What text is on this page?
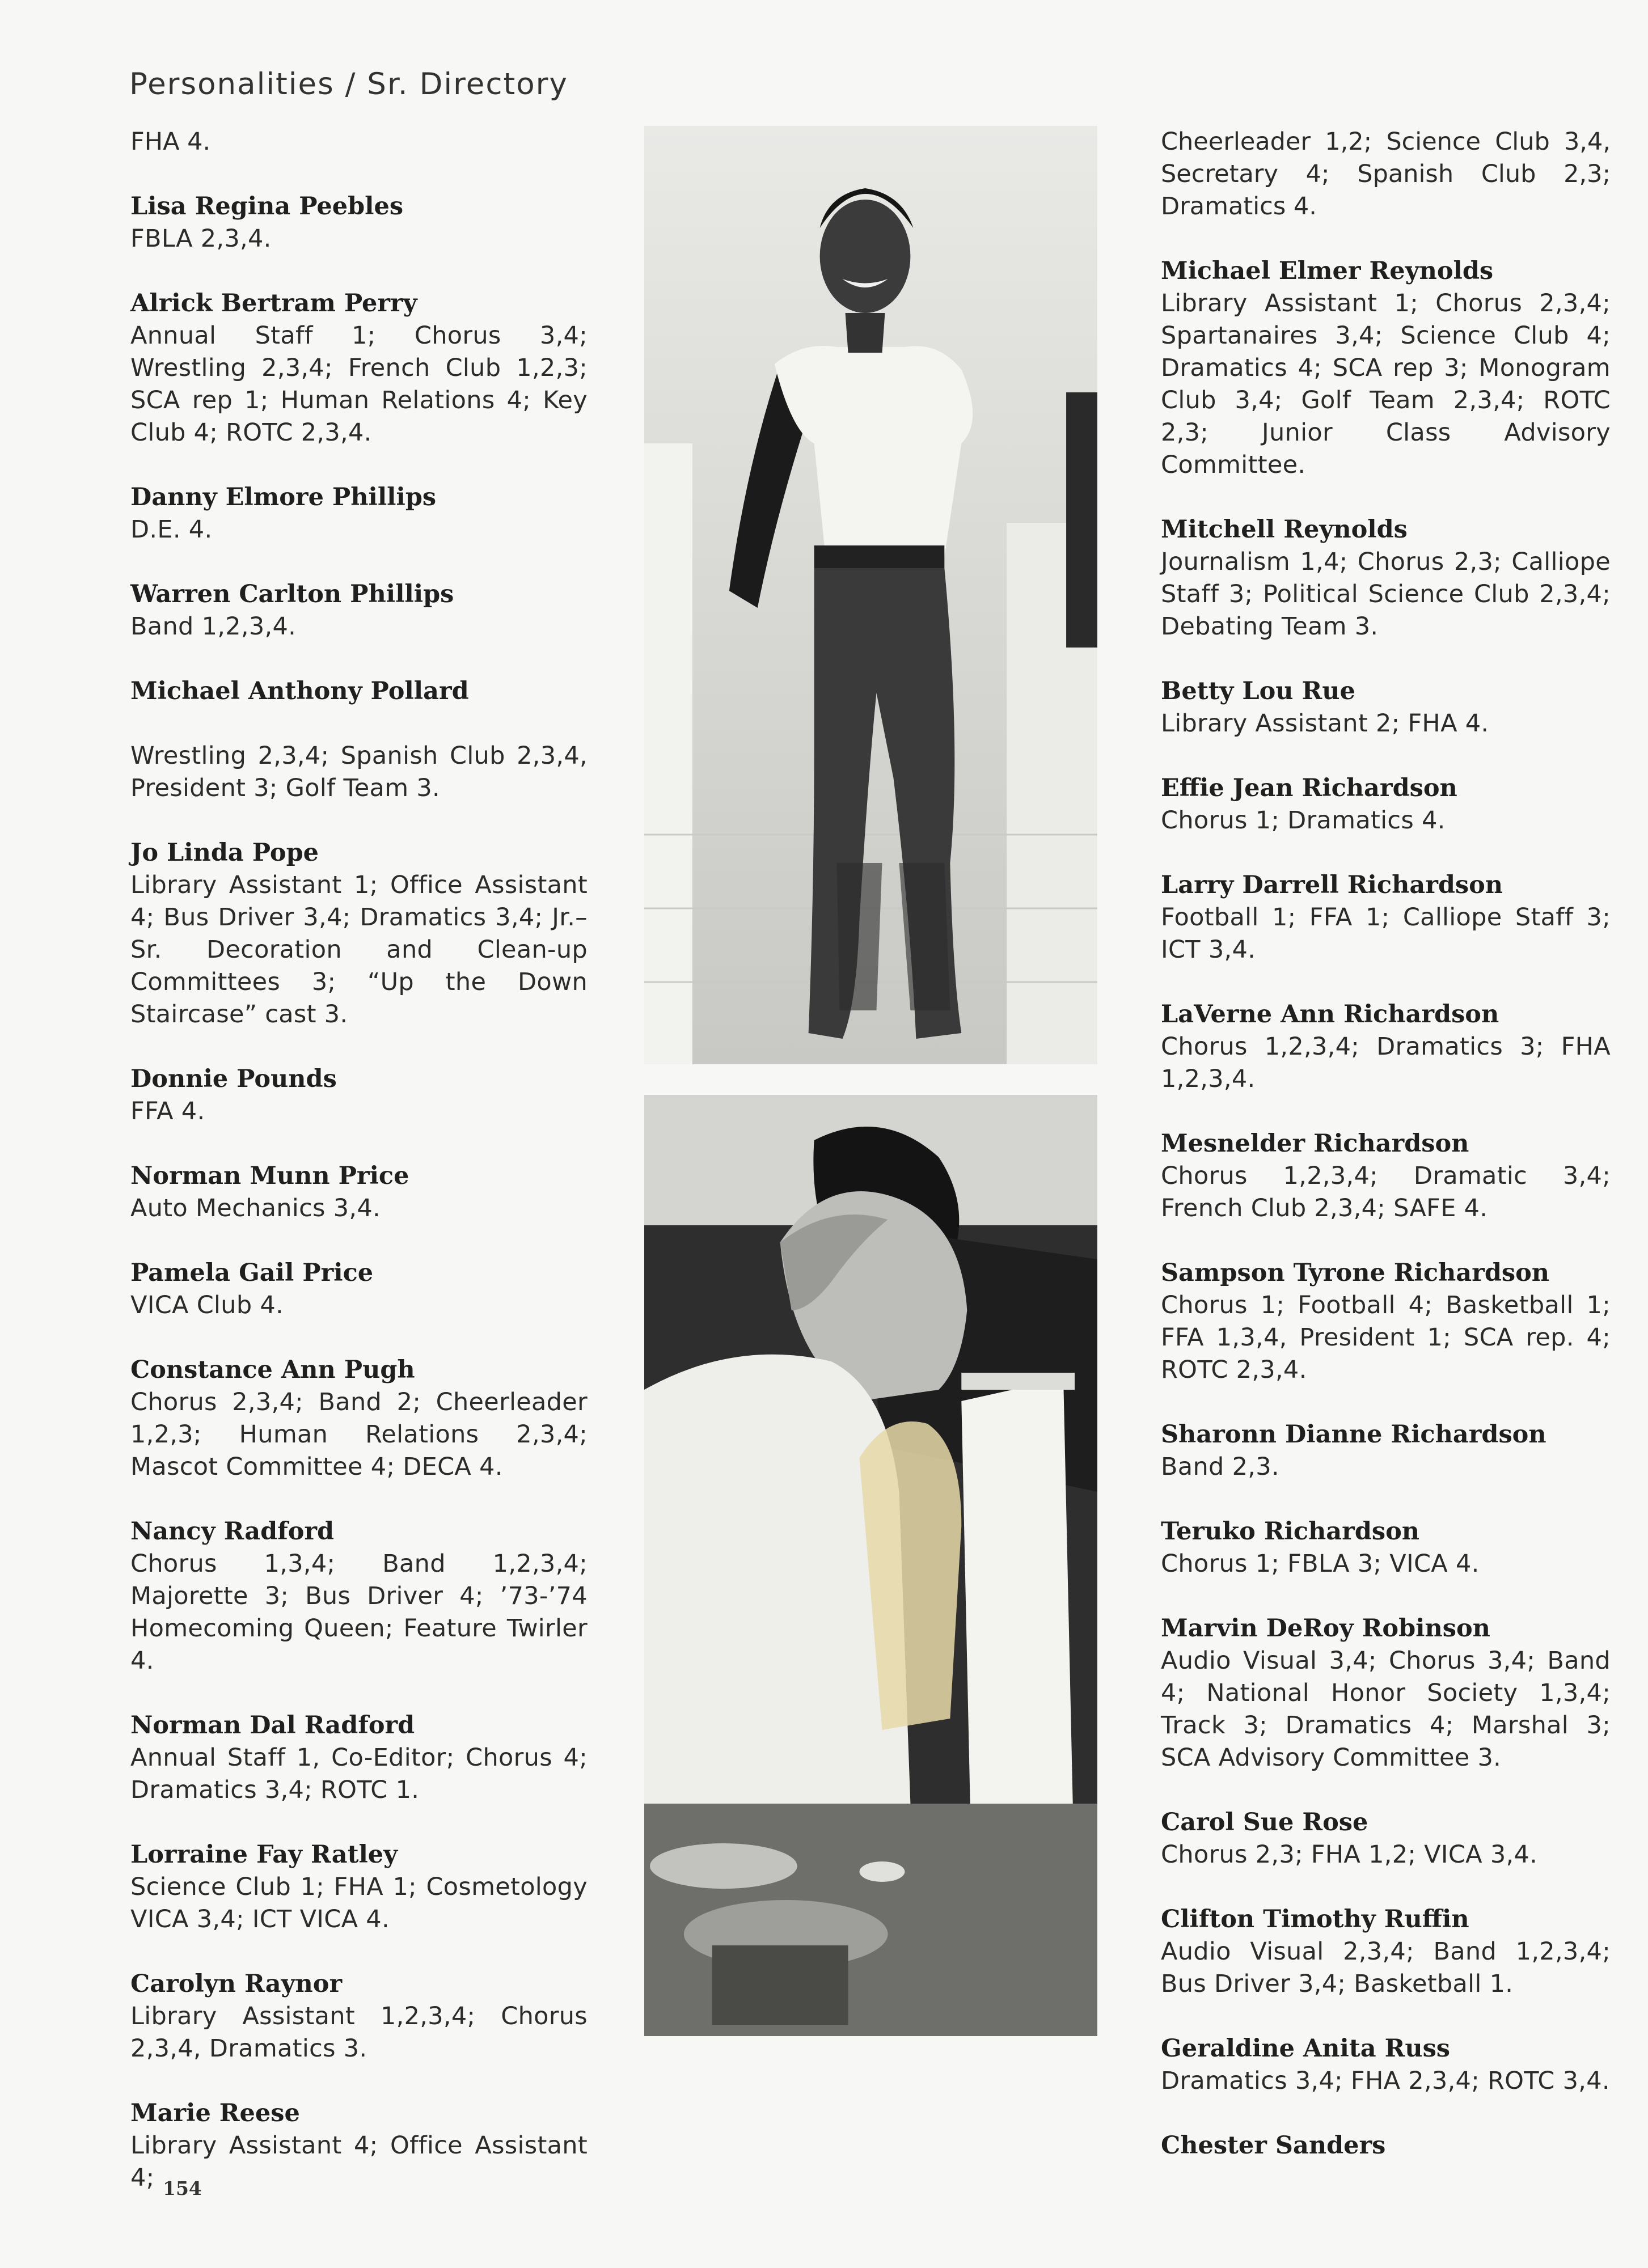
Personalities / Sr. Directory
FHA 4.
Lisa Regina Peebles
FBLA 2,3,4.
Alrick Bertram Perry
Annual Staff 1; Chorus 3,4; Wrestling 2,3,4; French Club 1,2,3; SCA rep 1; Human Relations 4; Key Club 4; ROTC 2,3,4.
Danny Elmore Phillips
D.E. 4.
Warren Carlton Phillips
Band 1,2,3,4.
Michael Anthony Pollard
Wrestling 2,3,4; Spanish Club 2,3,4, President 3; Golf Team 3.
Jo Linda Pope
Library Assistant 1; Office Assistant 4; Bus Driver 3,4; Dramatics 3,4; Jr.–Sr. Decoration and Clean-up Committees 3; “Up the Down Staircase” cast 3.
Donnie Pounds
FFA 4.
Norman Munn Price
Auto Mechanics 3,4.
Pamela Gail Price
VICA Club 4.
Constance Ann Pugh
Chorus 2,3,4; Band 2; Cheerleader 1,2,3; Human Relations 2,3,4; Mascot Committee 4; DECA 4.
Nancy Radford
Chorus 1,3,4; Band 1,2,3,4; Majorette 3; Bus Driver 4; ’73-’74 Homecoming Queen; Feature Twirler 4.
Norman Dal Radford
Annual Staff 1, Co-Editor; Chorus 4; Dramatics 3,4; ROTC 1.
Lorraine Fay Ratley
Science Club 1; FHA 1; Cosmetology VICA 3,4; ICT VICA 4.
Carolyn Raynor
Library Assistant 1,2,3,4; Chorus 2,3,4, Dramatics 3.
Marie Reese
Library Assistant 4; Office Assistant 4;
Cheerleader 1,2; Science Club 3,4, Secretary 4; Spanish Club 2,3; Dramatics 4.
Michael Elmer Reynolds
Library Assistant 1; Chorus 2,3,4; Spartanaires 3,4; Science Club 4; Dramatics 4; SCA rep 3; Monogram Club 3,4; Golf Team 2,3,4; ROTC 2,3; Junior Class Advisory Committee.
Mitchell Reynolds
Journalism 1,4; Chorus 2,3; Calliope Staff 3; Political Science Club 2,3,4; Debating Team 3.
Betty Lou Rue
Library Assistant 2; FHA 4.
Effie Jean Richardson
Chorus 1; Dramatics 4.
Larry Darrell Richardson
Football 1; FFA 1; Calliope Staff 3; ICT 3,4.
LaVerne Ann Richardson
Chorus 1,2,3,4; Dramatics 3; FHA 1,2,3,4.
Mesnelder Richardson
Chorus 1,2,3,4; Dramatic 3,4; French Club 2,3,4; SAFE 4.
Sampson Tyrone Richardson
Chorus 1; Football 4; Basketball 1; FFA 1,3,4, President 1; SCA rep. 4; ROTC 2,3,4.
Sharonn Dianne Richardson
Band 2,3.
Teruko Richardson
Chorus 1; FBLA 3; VICA 4.
Marvin DeRoy Robinson
Audio Visual 3,4; Chorus 3,4; Band 4; National Honor Society 1,3,4; Track 3; Dramatics 4; Marshal 3; SCA Advisory Committee 3.
Carol Sue Rose
Chorus 2,3; FHA 1,2; VICA 3,4.
Clifton Timothy Ruffin
Audio Visual 2,3,4; Band 1,2,3,4; Bus Driver 3,4; Basketball 1.
Geraldine Anita Russ
Dramatics 3,4; FHA 2,3,4; ROTC 3,4.
Chester Sanders
154
